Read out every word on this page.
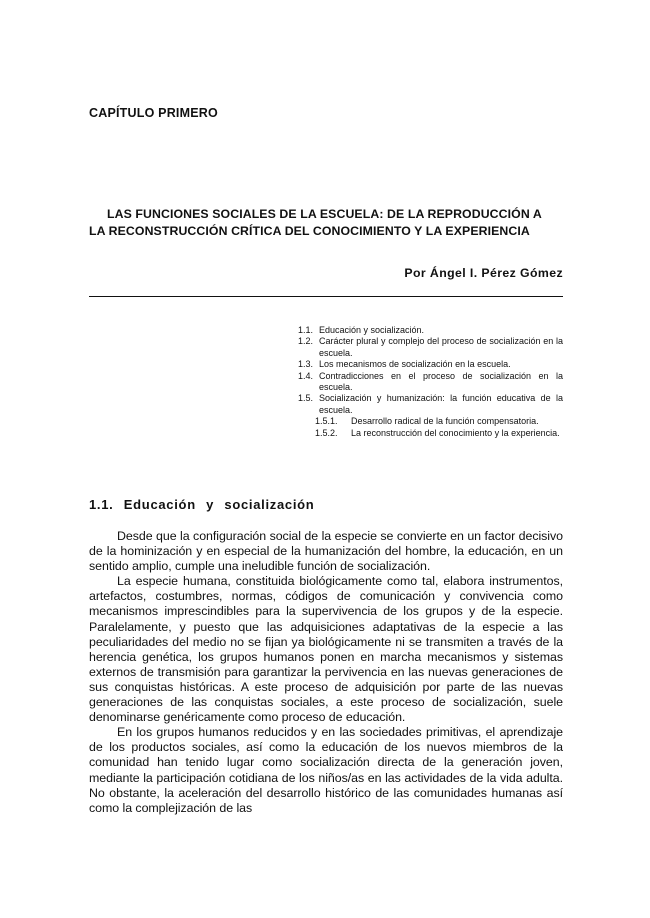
CAPÍTULO PRIMERO
LAS FUNCIONES SOCIALES DE LA ESCUELA: DE LA REPRODUCCIÓN A
LA RECONSTRUCCIÓN CRÍTICA DEL CONOCIMIENTO Y LA EXPERIENCIA
Por Ángel I. Pérez Gómez
1.1. Educación y socialización.
1.2. Carácter plural y complejo del proceso de socialización en la escuela.
1.3. Los mecanismos de socialización en la escuela.
1.4. Contradicciones en el proceso de socialización en la escuela.
1.5. Socialización y humanización: la función educativa de la escuela.
1.5.1. Desarrollo radical de la función compensatoria.
1.5.2. La reconstrucción del conocimiento y la experiencia.
1.1. Educación y socialización

Desde que la configuración social de la especie se convierte en un factor decisivo de la hominización y en especial de la humanización del hombre, la educación, en un sentido amplio, cumple una ineludible función de socialización.

La especie humana, constituida biológicamente como tal, elabora instrumentos, artefactos, costumbres, normas, códigos de comunicación y convivencia como mecanismos imprescindibles para la supervivencia de los grupos y de la especie. Paralelamente, y puesto que las adquisiciones adaptativas de la especie a las peculiaridades del medio no se fijan ya biológicamente ni se transmiten a través de la herencia genética, los grupos humanos ponen en marcha mecanismos y sistemas externos de transmisión para garantizar la pervivencia en las nuevas generaciones de sus conquistas históricas. A este proceso de adquisición por parte de las nuevas generaciones de las conquistas sociales, a este proceso de socialización, suele denominarse genéricamente como proceso de educación.

En los grupos humanos reducidos y en las sociedades primitivas, el aprendizaje de los productos sociales, así como la educación de los nuevos miembros de la comunidad han tenido lugar como socialización directa de la generación joven, mediante la participación cotidiana de los niños/as en las actividades de la vida adulta. No obstante, la aceleración del desarrollo histórico de las comunidades humanas así como la complejización de las
